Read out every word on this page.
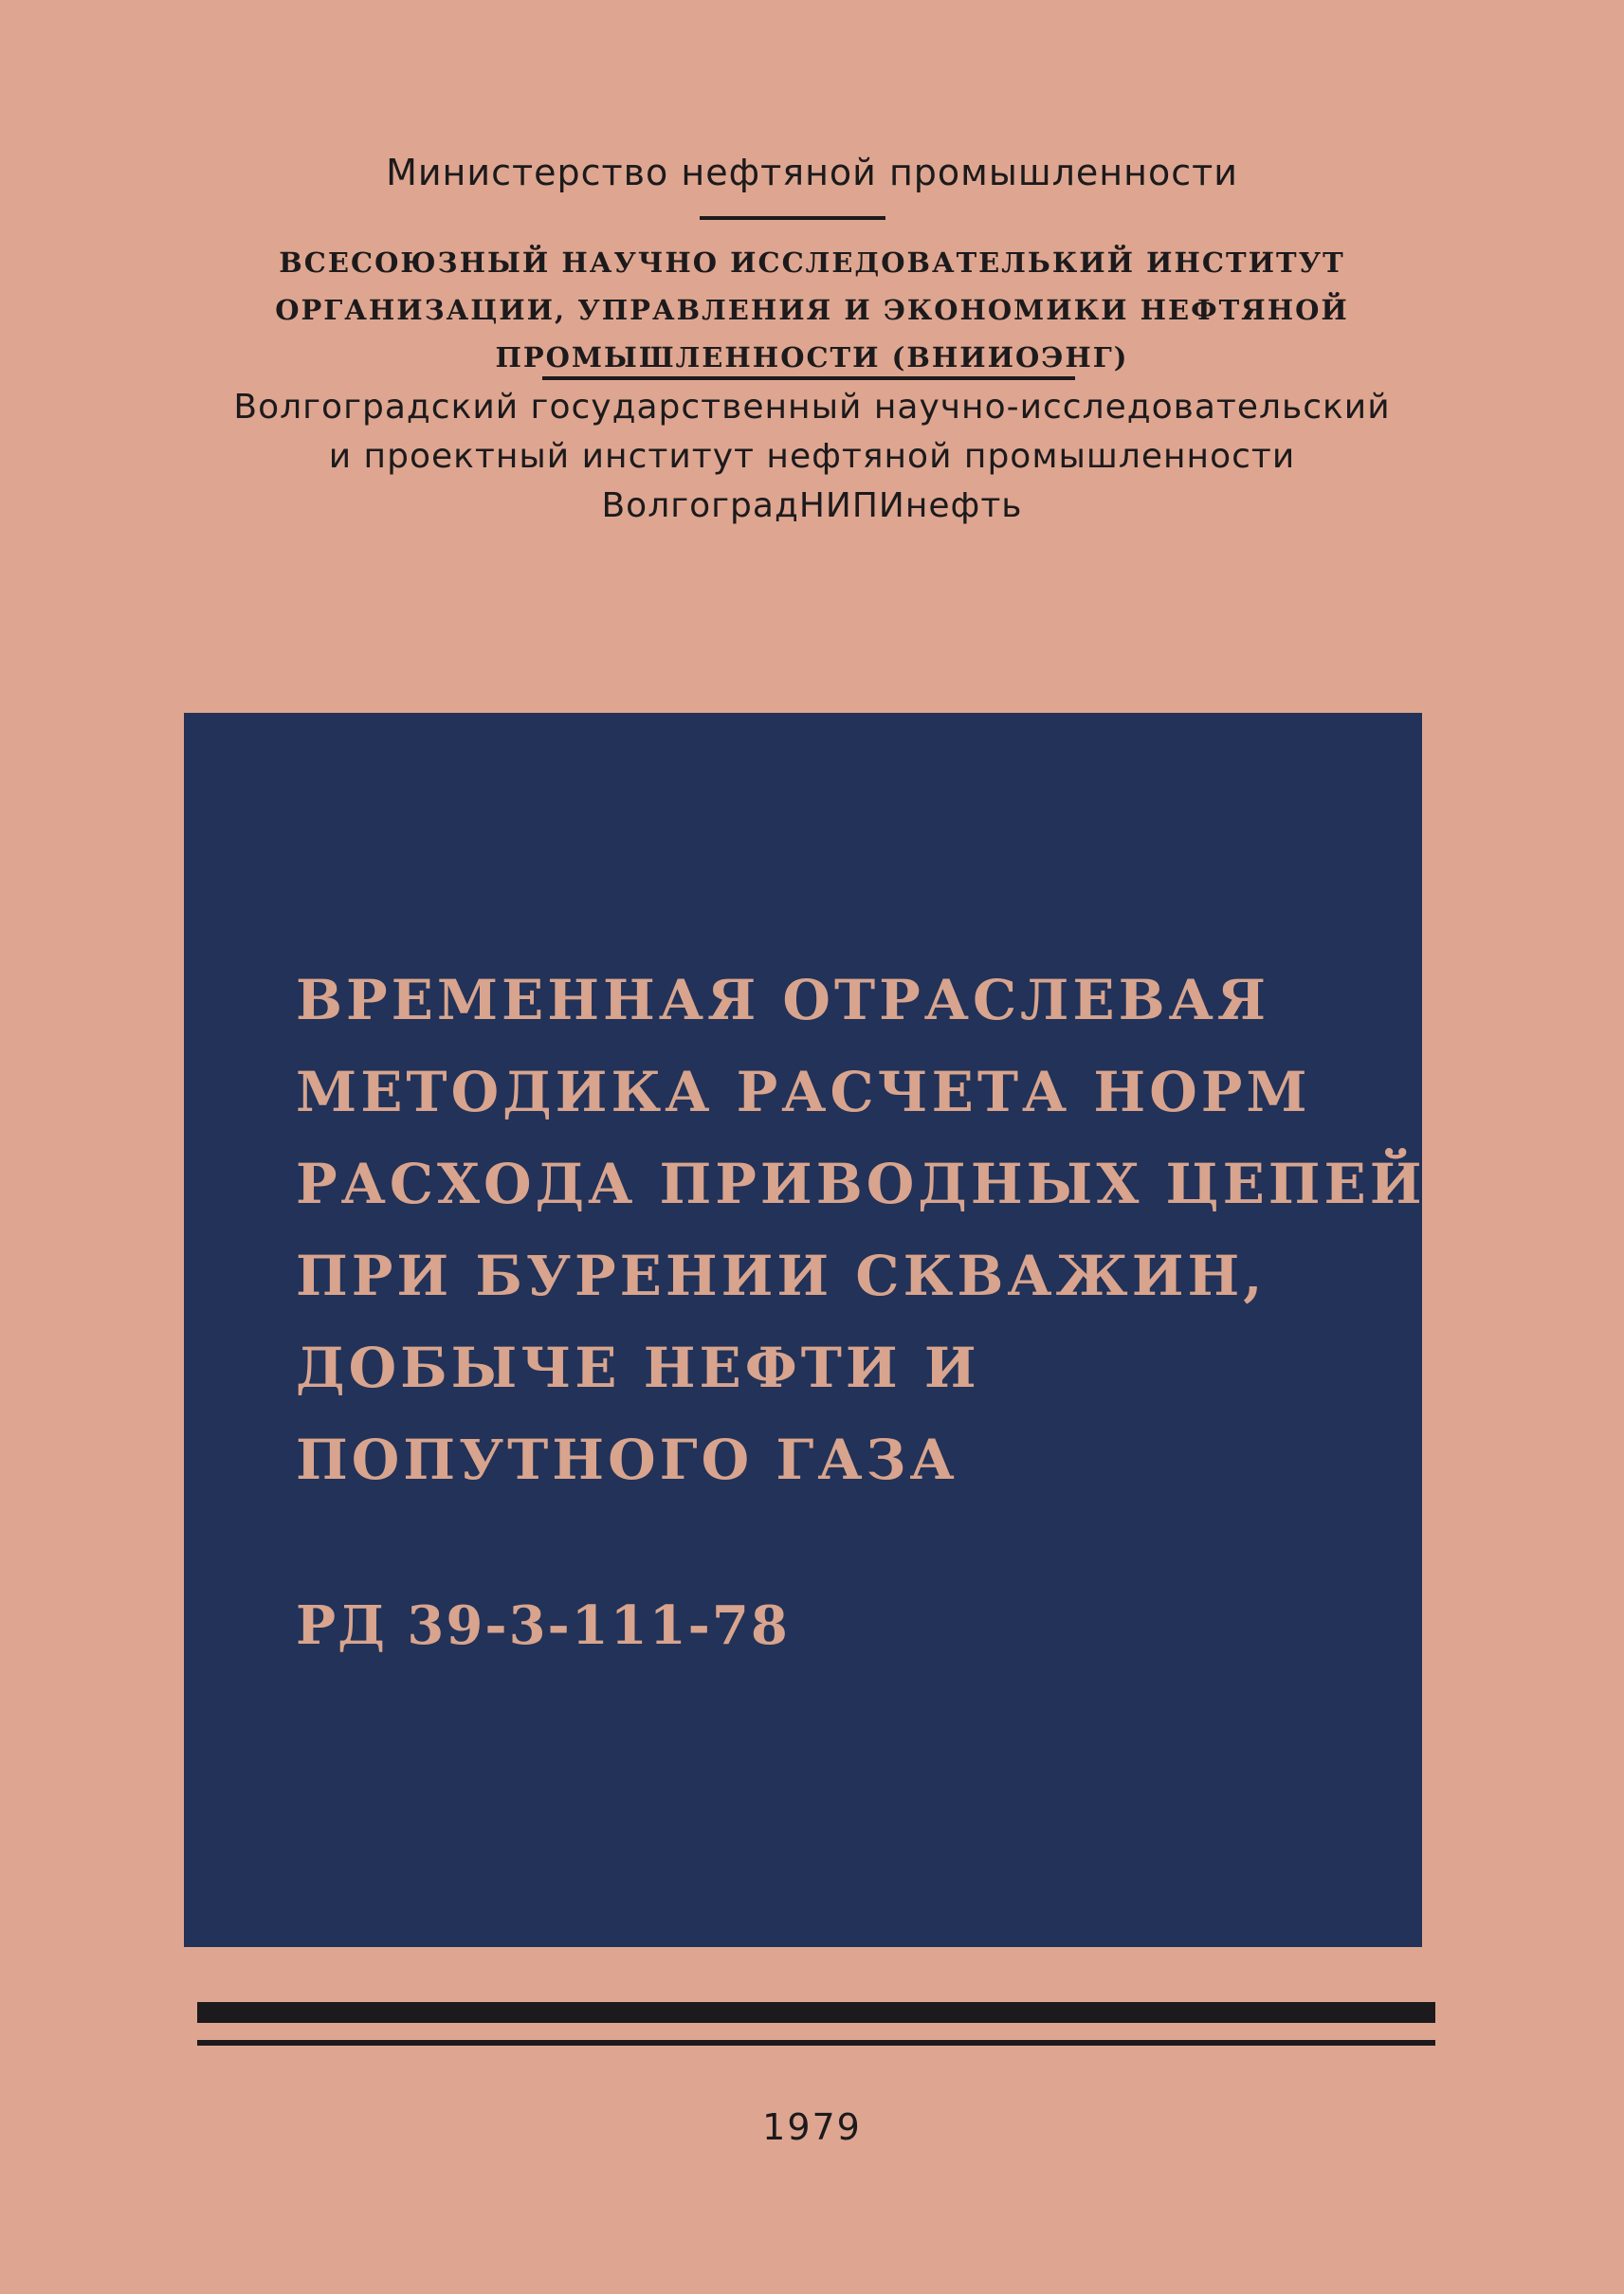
Министерство нефтяной промышленности
ВСЕСОЮЗНЫЙ НАУЧНО ИССЛЕДОВАТЕЛЬКИЙ ИНСТИТУТ
ОРГАНИЗАЦИИ, УПРАВЛЕНИЯ И ЭКОНОМИКИ НЕФТЯНОЙ
ПРОМЫШЛЕННОСТИ (ВНИИОЭНГ)
Волгоградский государственный научно-исследовательский
и проектный институт нефтяной промышленности
ВолгоградНИПИнефть
ВРЕМЕННАЯ ОТРАСЛЕВАЯ
МЕТОДИКА РАСЧЕТА НОРМ
РАСХОДА ПРИВОДНЫХ ЦЕПЕЙ
ПРИ БУРЕНИИ СКВАЖИН,
ДОБЫЧЕ НЕФТИ И
ПОПУТНОГО ГАЗА
РД 39-3-111-78
1979
